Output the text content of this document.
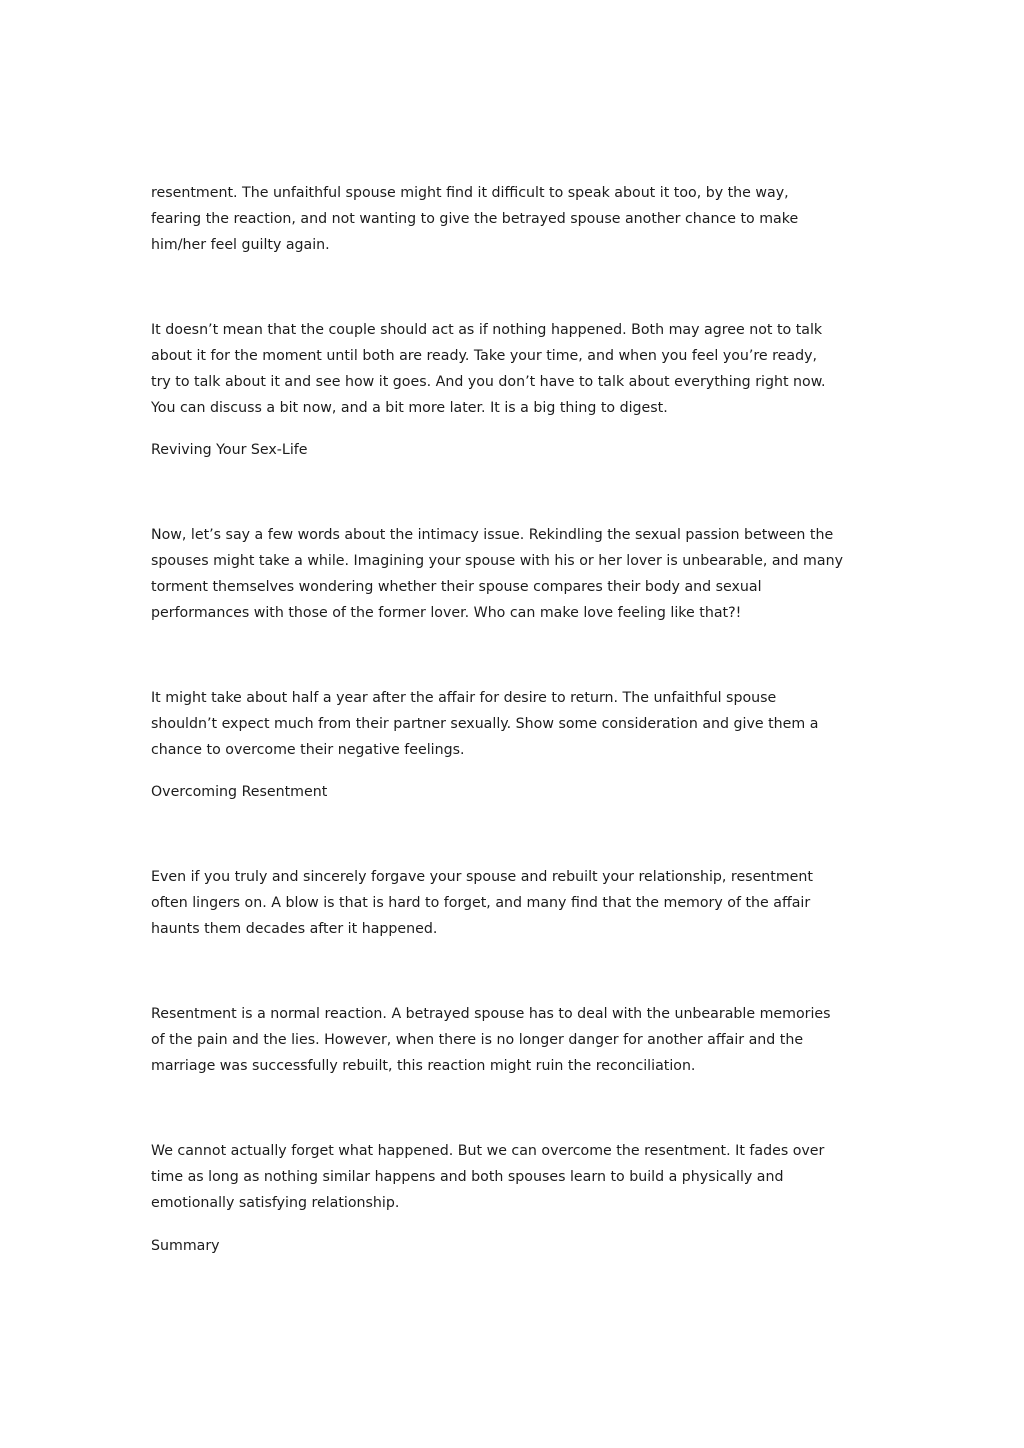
resentment. The unfaithful spouse might find it difficult to speak about it too, by the way,
fearing the reaction, and not wanting to give the betrayed spouse another chance to make
him/her feel guilty again.

It doesn’t mean that the couple should act as if nothing happened. Both may agree not to talk
about it for the moment until both are ready. Take your time, and when you feel you’re ready,
try to talk about it and see how it goes. And you don’t have to talk about everything right now.
You can discuss a bit now, and a bit more later. It is a big thing to digest.

Reviving Your Sex-Life

Now, let’s say a few words about the intimacy issue. Rekindling the sexual passion between the
spouses might take a while. Imagining your spouse with his or her lover is unbearable, and many
torment themselves wondering whether their spouse compares their body and sexual
performances with those of the former lover. Who can make love feeling like that?!

It might take about half a year after the affair for desire to return. The unfaithful spouse
shouldn’t expect much from their partner sexually. Show some consideration and give them a
chance to overcome their negative feelings.

Overcoming Resentment

Even if you truly and sincerely forgave your spouse and rebuilt your relationship, resentment
often lingers on. A blow is that is hard to forget, and many find that the memory of the affair
haunts them decades after it happened.

Resentment is a normal reaction. A betrayed spouse has to deal with the unbearable memories
of the pain and the lies. However, when there is no longer danger for another affair and the
marriage was successfully rebuilt, this reaction might ruin the reconciliation.

We cannot actually forget what happened. But we can overcome the resentment. It fades over
time as long as nothing similar happens and both spouses learn to build a physically and
emotionally satisfying relationship.

Summary
